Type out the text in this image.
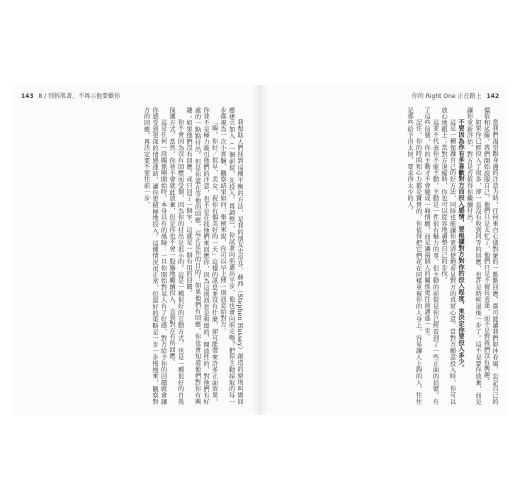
143 8 / 別拆肌著，不再示他要歡你

我幫助人們找到這種平衡的方法，是我的朋友史帝芬．赫西（Stephen Hussey）創造的原則叫做回應建立加入（一個前提，先投入，再調整），你試著向前邁出半步，他也會向前走嗎？把你主動採取的每一步都視為一次小實驗，觀察結果如何：舉例來說，你可以早上傳一則訊息給對方：

「嗨，你好／很早，美女，祝你有個美好的一天」這樣的訊息並沒有什麼，卻可能帶來許多正面效果。你並不是極力吸引他們的注意，也不是在找他們來回應你，因為這則訊息是和緩的、開放性的、對他們有好處的一點點付出。但是你還在等他的回應，這正是你的目的！如果他們有回應，你也會知道他們對你有興趣；如果他們沒有回應，或只回了一個字，這就是一個有用的回饋。

你不會因為沒有回應而受傷，因為你的付出是很小的。這是一種很好的互動方式，也是一種很好的自我保護方式。當然，你並不會就此放棄，但是你也不會一股腦地繼續投入，直到對方有所回應。

這是任何一段關係剛開始時，本身具有的風險：一旦你開始對某人有了好感，對方給予你的回饋就會讓你感受到更深的情感連結，讓你更積極地投入。這種情況很正常，但最好的策略是一步一步慢慢來，觀察對方的回應，再決定要不要往前一步。

你的 Right One 正在路上 142

當我們渴望跟身邊的注意力時，任何來自心儀對象的一點點回應，都可能讓我們如沐春風，忘記自己的價值和底線。我們開始說服自己，他們只是太忙了，他們只是不擅長表達，而不是對我們沒有興趣。

如果你已經投入了很多，卻一直沒有收到同等的回應，也許是時候退後一步了。這不是要你放棄，而是讓你重新評估，對方是否值得你繼續付出。

不要因為你有多喜歡對方而投入感情，要根據對方對你的投入程度，來決定你要投入多少。

這是一種保護自己的好方法，同時也能讓你更清楚地看見對方的真實心意。當對方願意投入時，你可以放心地跟上；當對方退縮時，你也可以從容地調整自己的步伐。

這並不代表你不能主動。主動是一件很有魅力的事，但主動的前提是你已經看到了一些正面的信號。有了這些信號，你的主動才不會變成一廂情願，而是讓兩個人的關係更往前邁進一步。

記住，你的時間和心力都是寶貴的，你值得把它們花在同樣重視你的人身上。容易讓人上鉤的人，往往是那些給予得太快、要求得太少的人。
